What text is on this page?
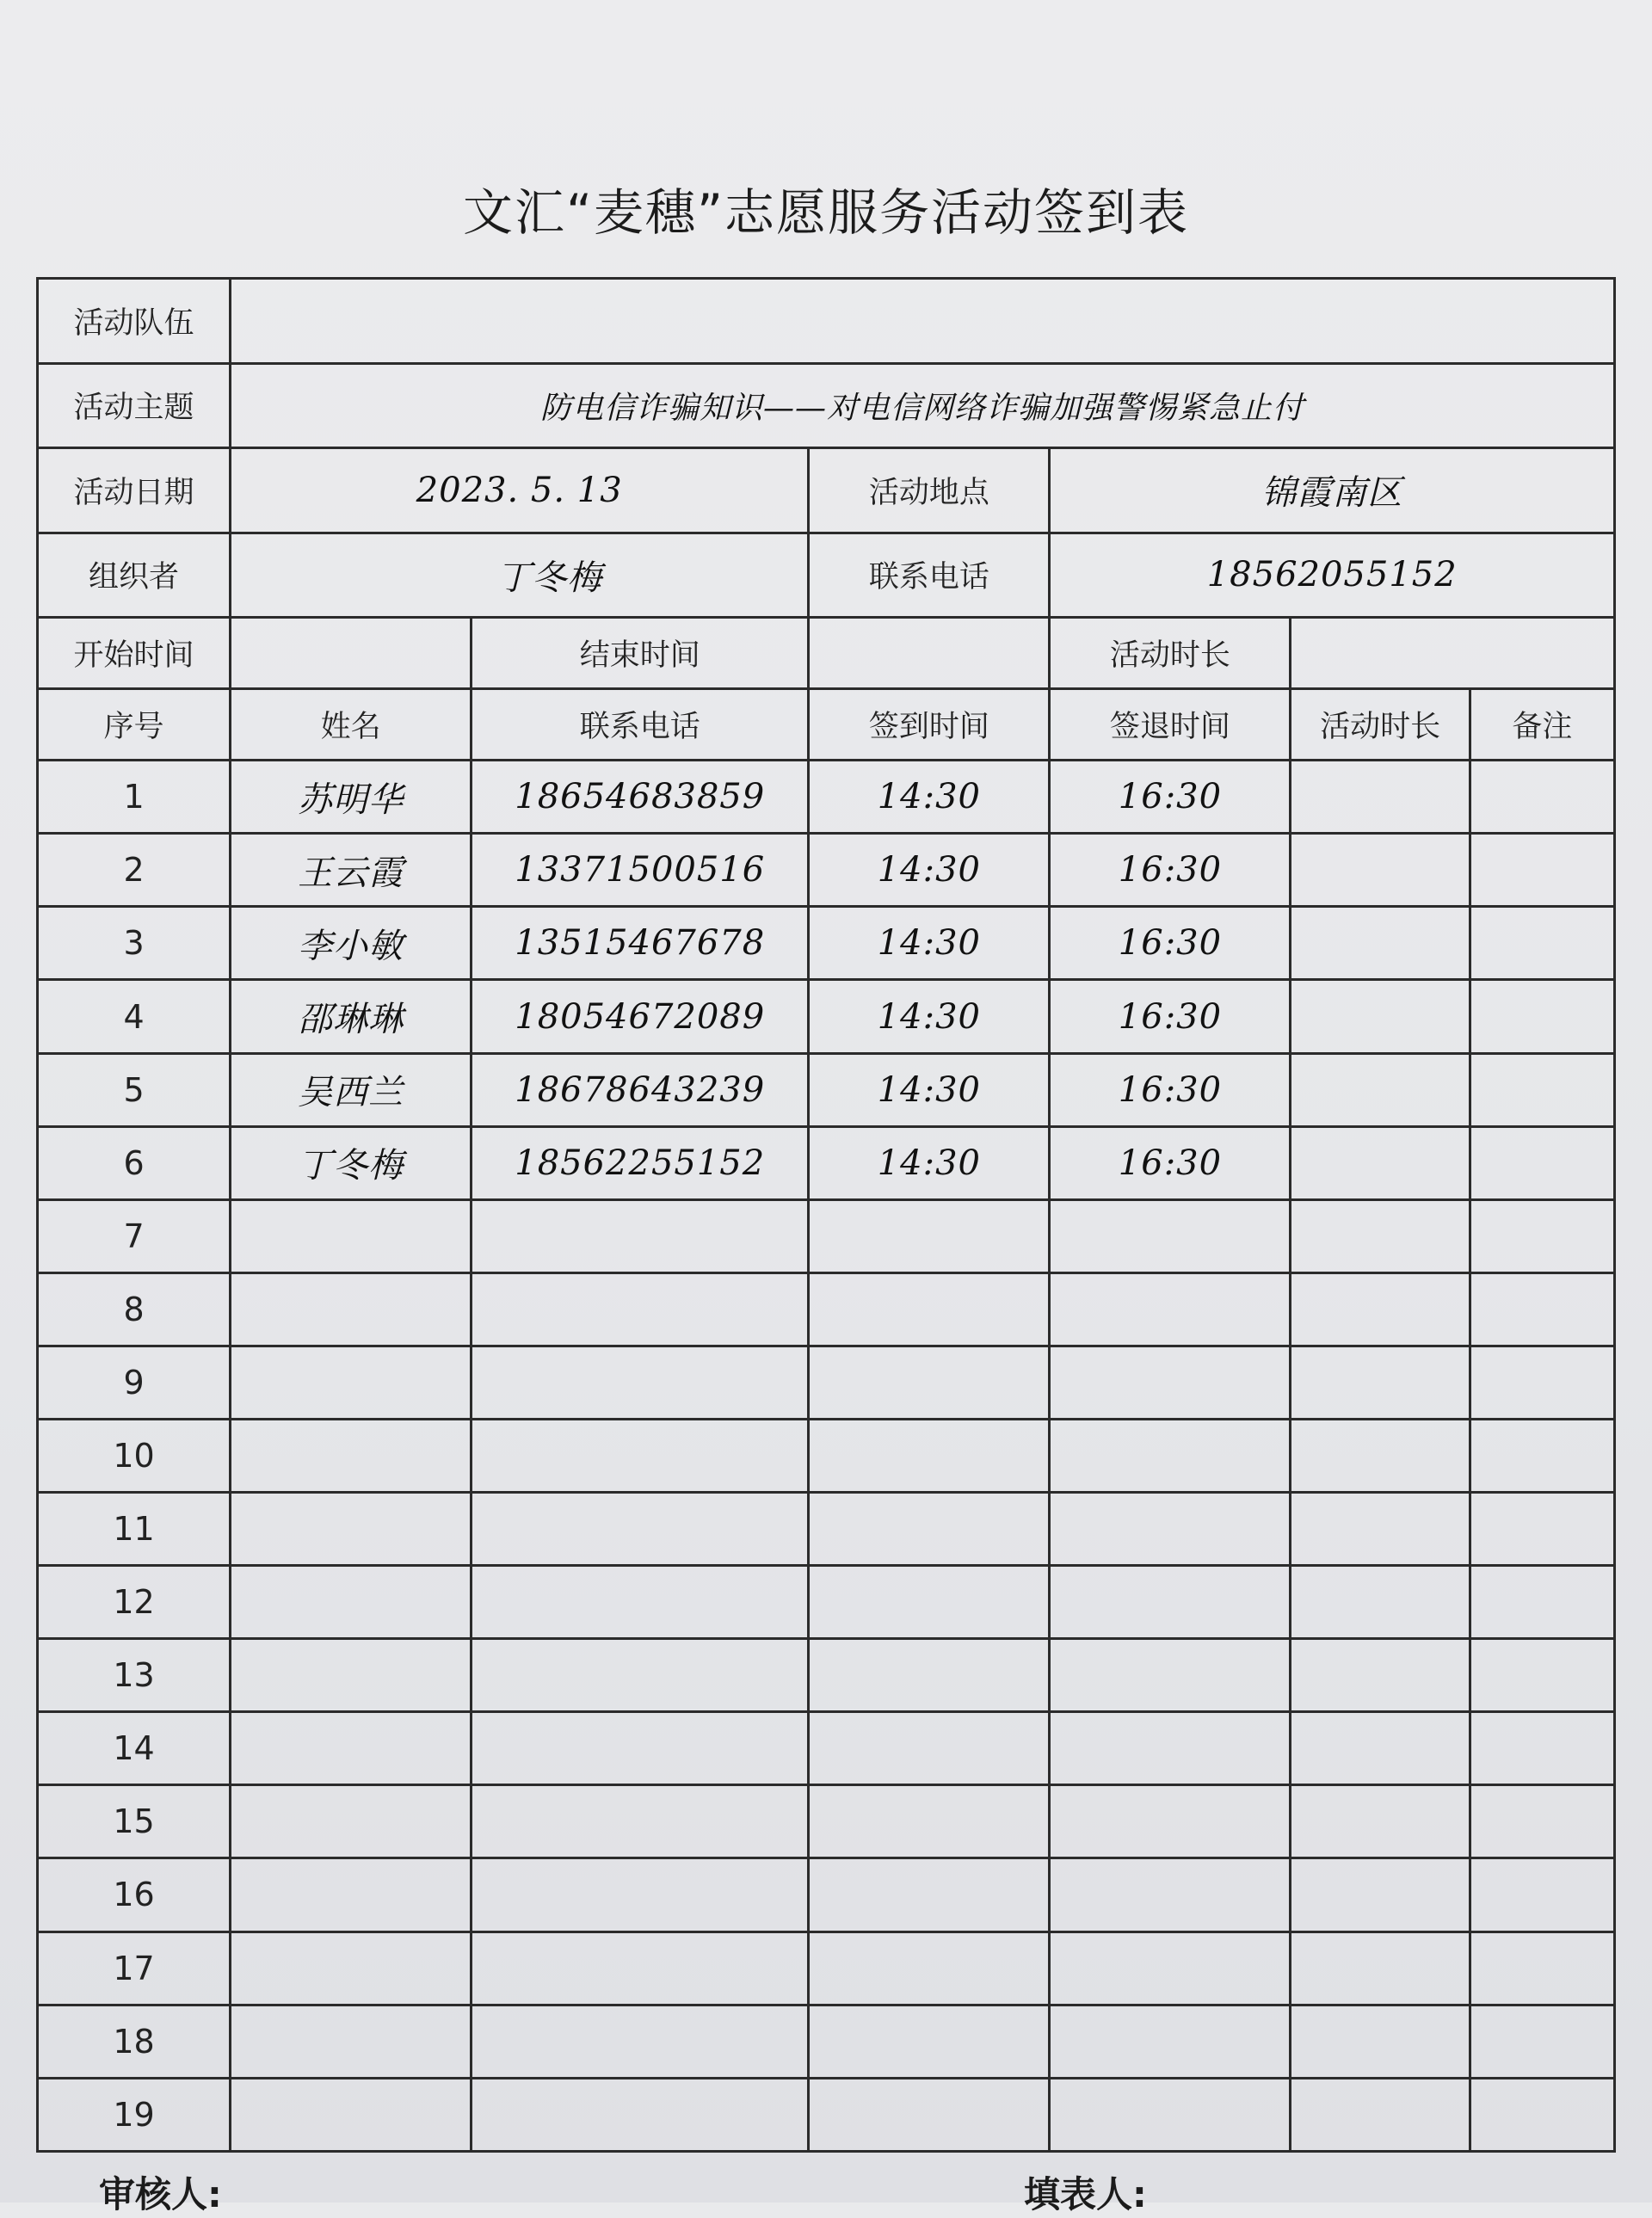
文汇“麦穗”志愿服务活动签到表
活动队伍						
活动主题	防电信诈骗知识——对电信网络诈骗加强警惕紧急止付					
活动日期	2023. 5. 13		活动地点	锦霞南区		
组织者	丁冬梅		联系电话	18562055152		
开始时间		结束时间		活动时长		
序号	姓名	联系电话	签到时间	签退时间	活动时长	备注
1	苏明华	18654683859	14:30	16:30		
2	王云霞	13371500516	14:30	16:30		
3	李小敏	13515467678	14:30	16:30		
4	邵琳琳	18054672089	14:30	16:30		
5	吴西兰	18678643239	14:30	16:30		
6	丁冬梅	18562255152	14:30	16:30		
7						
8						
9						
10						
11						
12						
13						
14						
15						
16						
17						
18						
19						
审核人:	填表人:
